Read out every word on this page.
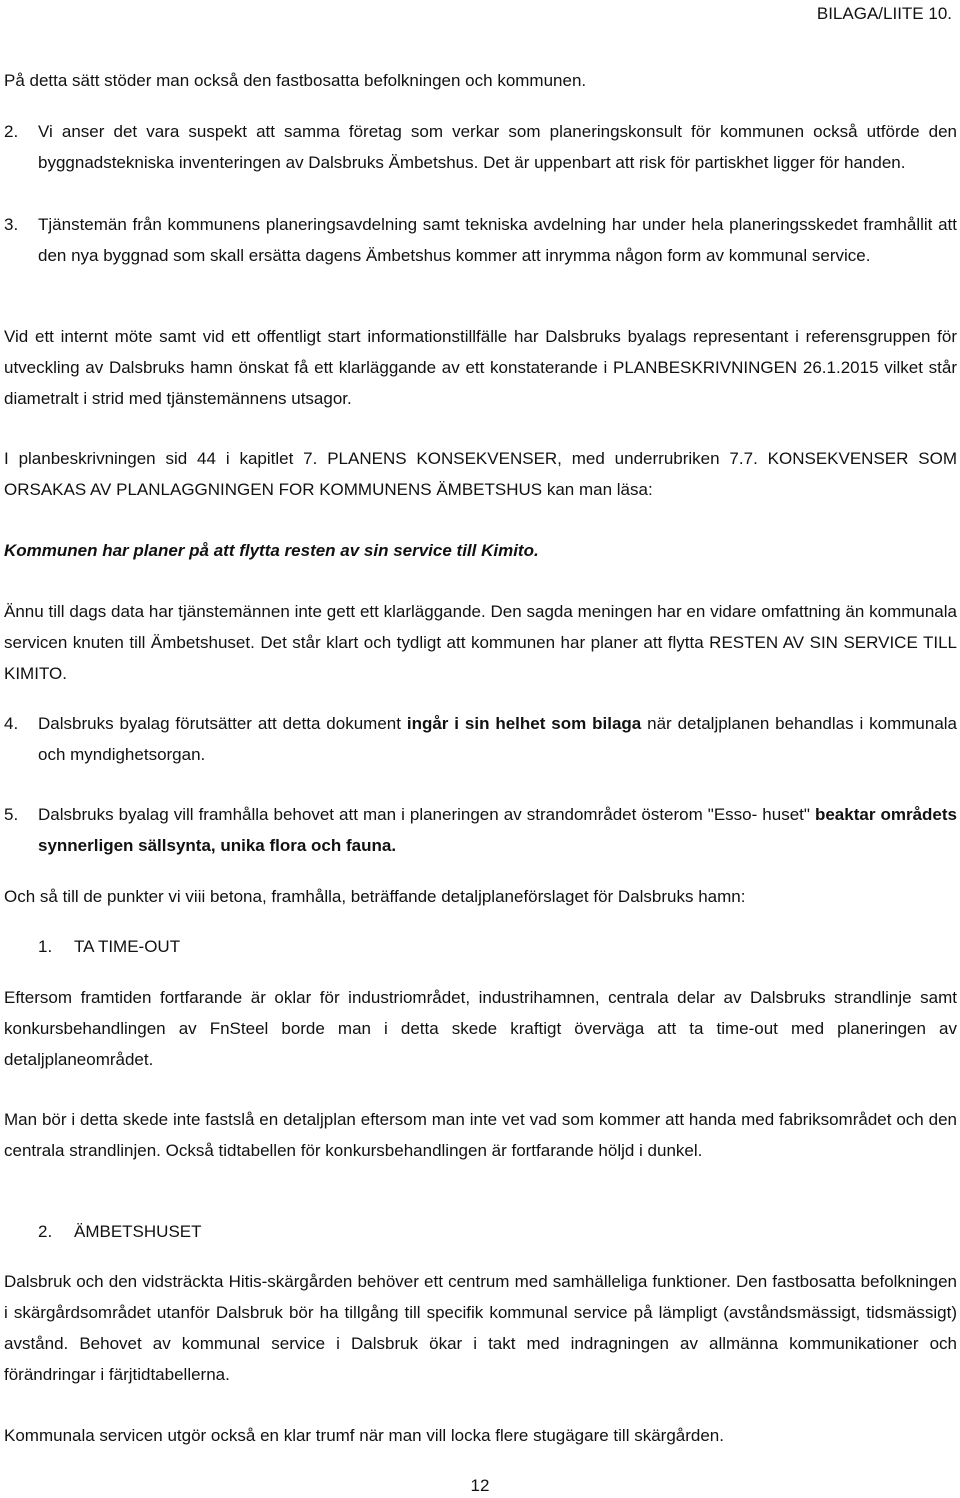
BILAGA/LIITE 10.

På detta sätt stöder man också den fastbosatta befolkningen och kommunen.

2. Vi anser det vara suspekt att samma företag som verkar som planeringskonsult för kommunen också utförde den byggnadstekniska inventeringen av Dalsbruks Ämbetshus. Det är uppenbart att risk för partiskhet ligger för handen.
3. Tjänstemän från kommunens planeringsavdelning samt tekniska avdelning har under hela planeringsskedet framhållit att den nya byggnad som skall ersätta dagens Ämbetshus kommer att inrymma någon form av kommunal service.

Vid ett internt möte samt vid ett offentligt start informationstillfälle har Dalsbruks byalags representant i referensgruppen för utveckling av Dalsbruks hamn önskat få ett klarläggande av ett konstaterande i PLANBESKRIVNINGEN 26.1.2015 vilket står diametralt i strid med tjänstemännens utsagor.

I planbeskrivningen sid 44 i kapitlet 7. PLANENS KONSEKVENSER, med underrubriken 7.7. KONSEKVENSER SOM ORSAKAS AV PLANLAGGNINGEN FOR KOMMUNENS ÄMBETSHUS kan man läsa:

Kommunen har planer på att flytta resten av sin service till Kimito.

Ännu till dags data har tjänstemännen inte gett ett klarläggande. Den sagda meningen har en vidare omfattning än kommunala servicen knuten till Ämbetshuset. Det står klart och tydligt att kommunen har planer att flytta RESTEN AV SIN SERVICE TILL KIMITO.

4. Dalsbruks byalag förutsätter att detta dokument ingår i sin helhet som bilaga när detaljplanen behandlas i kommunala och myndighetsorgan.
5. Dalsbruks byalag vill framhålla behovet att man i planeringen av strandområdet österom "Esso- huset" beaktar områdets synnerligen sällsynta, unika flora och fauna.

Och så till de punkter vi viii betona, framhålla, beträffande detaljplaneförslaget för Dalsbruks hamn:

1. TA TIME-OUT

Eftersom framtiden fortfarande är oklar för industriområdet, industrihamnen, centrala delar av Dalsbruks strandlinje samt konkursbehandlingen av FnSteel borde man i detta skede kraftigt överväga att ta time-out med planeringen av detaljplaneområdet.

Man bör i detta skede inte fastslå en detaljplan eftersom man inte vet vad som kommer att handa med fabriksområdet och den centrala strandlinjen. Också tidtabellen för konkursbehandlingen är fortfarande höljd i dunkel.

2. ÄMBETSHUSET

Dalsbruk och den vidsträckta Hitis-skärgården behöver ett centrum med samhälleliga funktioner. Den fastbosatta befolkningen i skärgårdsområdet utanför Dalsbruk bör ha tillgång till specifik kommunal service på lämpligt (avståndsmässigt, tidsmässigt) avstånd. Behovet av kommunal service i Dalsbruk ökar i takt med indragningen av allmänna kommunikationer och förändringar i färjtidtabellerna.

Kommunala servicen utgör också en klar trumf när man vill locka flere stugägare till skärgården.

12
